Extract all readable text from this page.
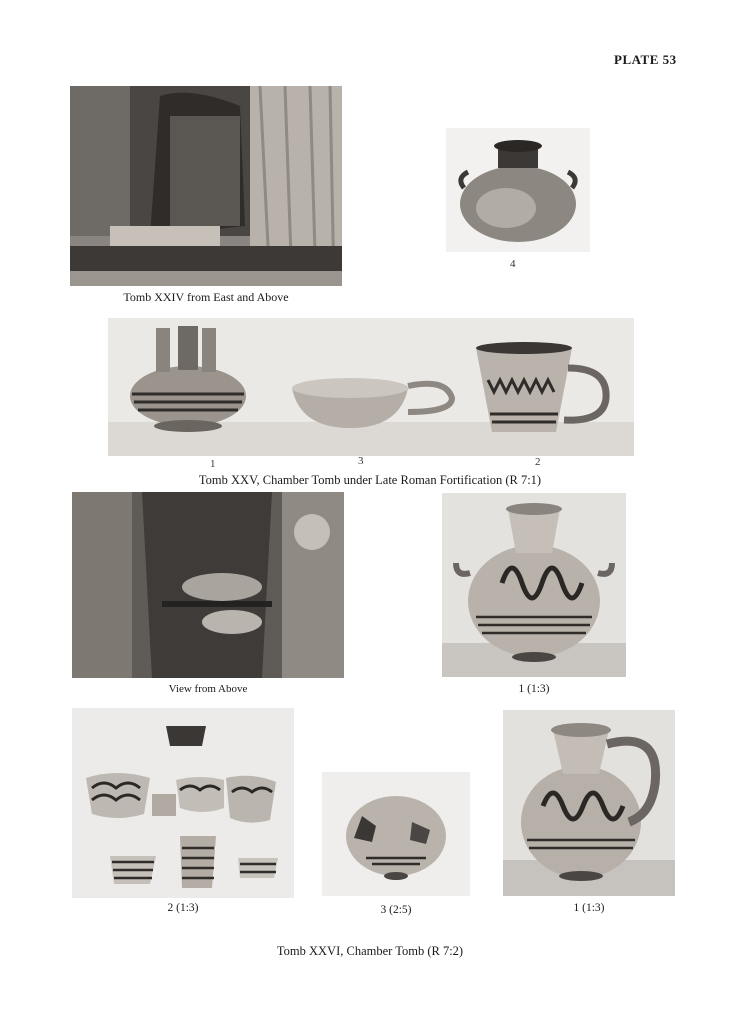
PLATE 53
Tomb XXIV from East and Above
4
1	3	2
Tomb XXV, Chamber Tomb under Late Roman Fortification (R 7:1)
View from Above	1 (1:3)
2 (1:3)	3 (2:5)	1 (1:3)
Tomb XXVI, Chamber Tomb (R 7:2)
